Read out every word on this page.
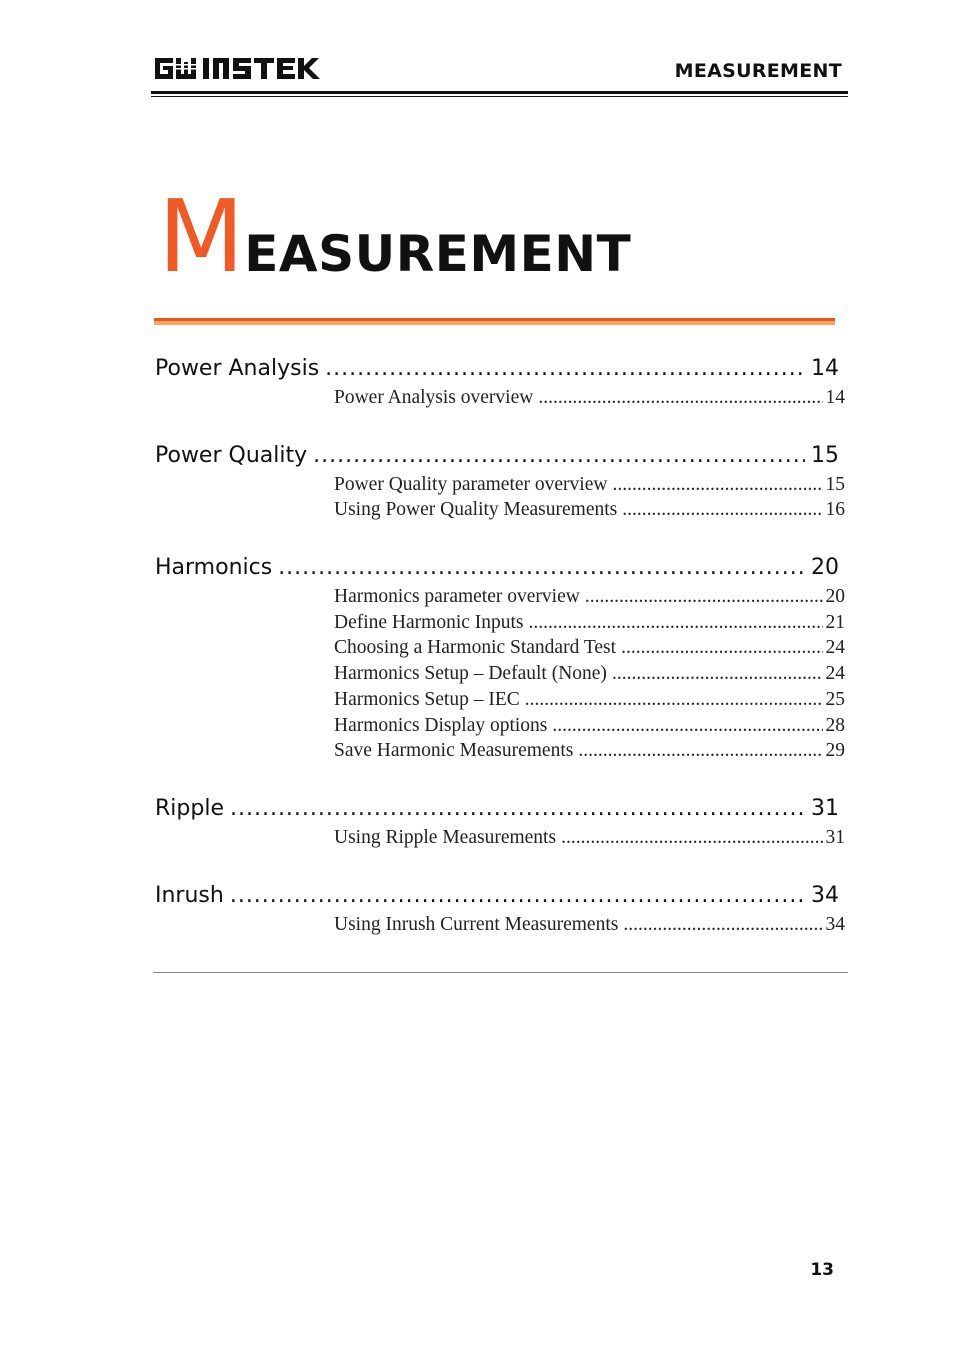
MEASUREMENT
MEASUREMENT
Power Analysis .....	14
Power Analysis overview .....	14
Power Quality .....	15
Power Quality parameter overview .....	15
Using Power Quality Measurements .....	16
Harmonics .....	20
Harmonics parameter overview .....	20
Define Harmonic Inputs .....	21
Choosing a Harmonic Standard Test .....	24
Harmonics Setup – Default (None) .....	24
Harmonics Setup – IEC .....	25
Harmonics Display options .....	28
Save Harmonic Measurements .....	29
Ripple .....	31
Using Ripple Measurements .....	31
Inrush .....	34
Using Inrush Current Measurements .....	34
13
